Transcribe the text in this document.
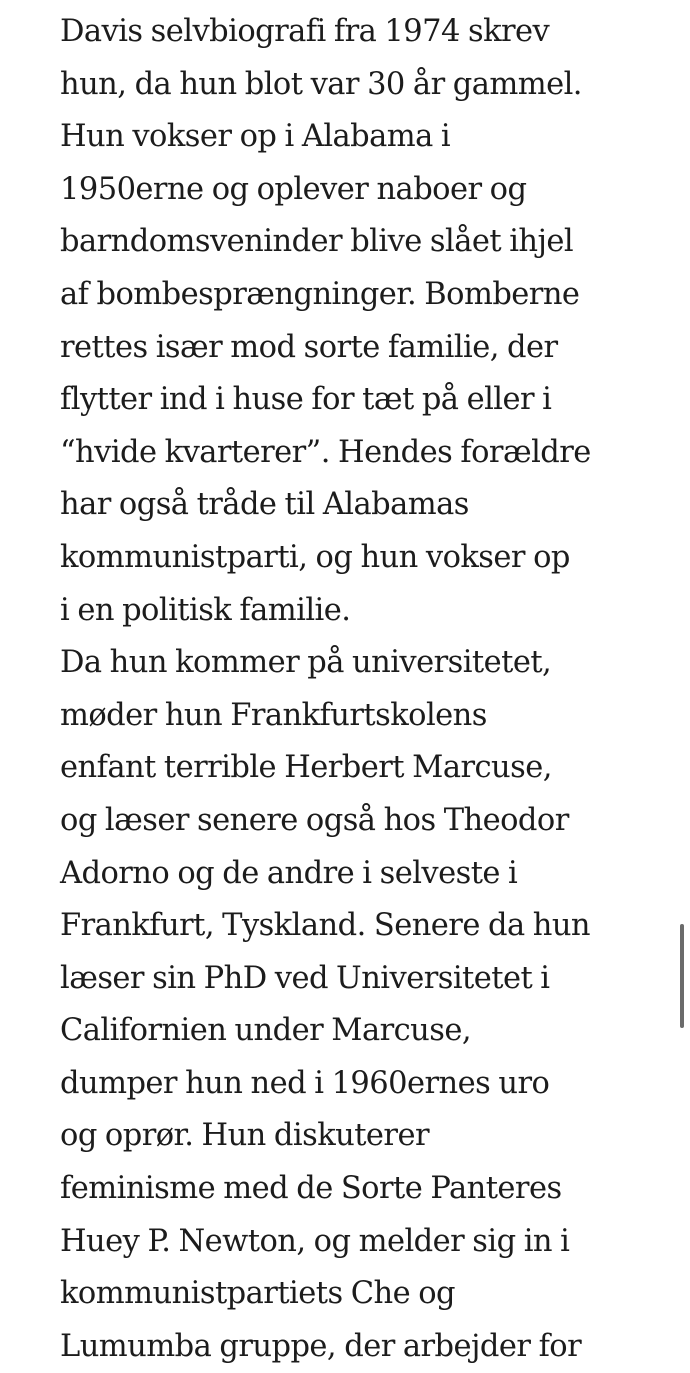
Davis selvbiografi fra 1974 skrev
hun, da hun blot var 30 år gammel.
Hun vokser op i Alabama i
1950erne og oplever naboer og
barndomsveninder blive slået ihjel
af bombesprængninger. Bomberne
rettes især mod sorte familie, der
flytter ind i huse for tæt på eller i
“hvide kvarterer”. Hendes forældre
har også tråde til Alabamas
kommunistparti, og hun vokser op
i en politisk familie.

Da hun kommer på universitetet,
møder hun Frankfurtskolens
enfant terrible Herbert Marcuse,
og læser senere også hos Theodor
Adorno og de andre i selveste i
Frankfurt, Tyskland. Senere da hun
læser sin PhD ved Universitetet i
Californien under Marcuse,
dumper hun ned i 1960ernes uro
og oprør. Hun diskuterer
feminisme med de Sorte Panteres
Huey P. Newton, og melder sig in i
kommunistpartiets Che og
Lumumba gruppe, der arbejder for
